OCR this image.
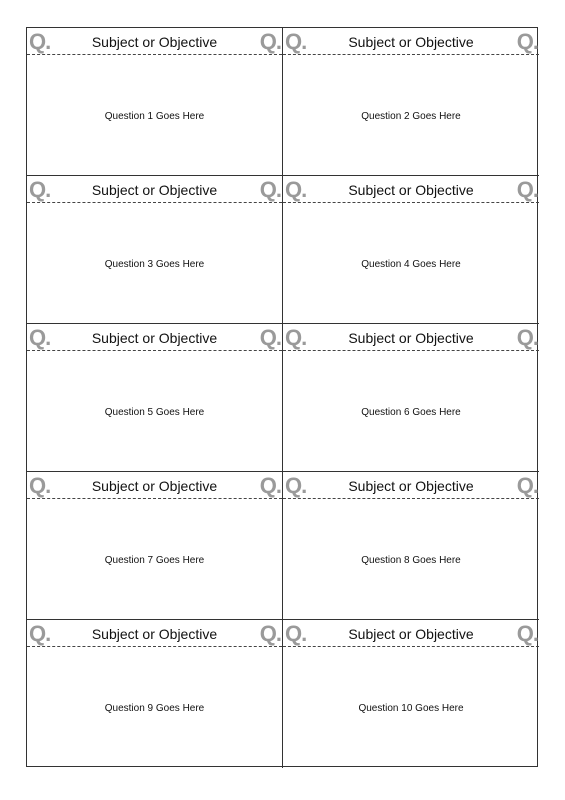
Q.	Subject or Objective	Q.
Question 1 Goes Here
Q.	Subject or Objective	Q.
Question 2 Goes Here
Q.	Subject or Objective	Q.
Question 3 Goes Here
Q.	Subject or Objective	Q.
Question 4 Goes Here
Q.	Subject or Objective	Q.
Question 5 Goes Here
Q.	Subject or Objective	Q.
Question 6 Goes Here
Q.	Subject or Objective	Q.
Question 7 Goes Here
Q.	Subject or Objective	Q.
Question 8 Goes Here
Q.	Subject or Objective	Q.
Question 9 Goes Here
Q.	Subject or Objective	Q.
Question 10 Goes Here
